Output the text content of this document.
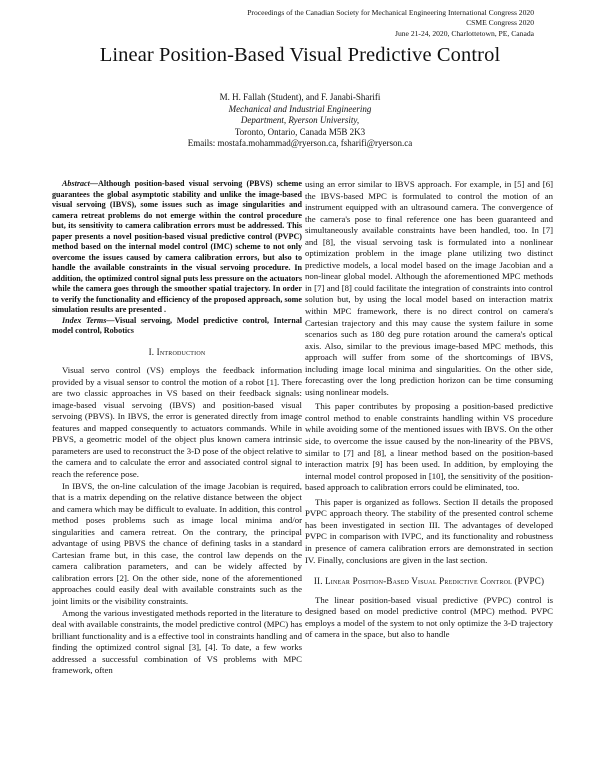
Proceedings of the Canadian Society for Mechanical Engineering International Congress 2020
CSME Congress 2020
June 21-24, 2020, Charlottetown, PE, Canada
Linear Position-Based Visual Predictive Control
M. H. Fallah (Student), and F. Janabi-Sharifi
Mechanical and Industrial Engineering
Department, Ryerson University,
Toronto, Ontario, Canada M5B 2K3
Emails: mostafa.mohammad@ryerson.ca, fsharifi@ryerson.ca

Abstract—Although position-based visual servoing (PBVS) scheme guarantees the global asymptotic stability and unlike the image-based visual servoing (IBVS), some issues such as image singularities and camera retreat problems do not emerge within the control procedure but, its sensitivity to camera calibration errors must be addressed. This paper presents a novel position-based visual predictive control (PVPC) method based on the internal model control (IMC) scheme to not only overcome the issues caused by camera calibration errors, but also to handle the available constraints in the visual servoing procedure. In addition, the optimized control signal puts less pressure on the actuators while the camera goes through the smoother spatial trajectory. In order to verify the functionality and efficiency of the proposed approach, some simulation results are presented .

Index Terms—Visual servoing, Model predictive control, Internal model control, Robotics

I. Introduction

Visual servo control (VS) employs the feedback information provided by a visual sensor to control the motion of a robot [1]. There are two classic approaches in VS based on their feedback signals: image-based visual servoing (IBVS) and position-based visual servoing (PBVS). In IBVS, the error is generated directly from image features and mapped consequently to actuators commands. While in PBVS, a geometric model of the object plus known camera intrinsic parameters are used to reconstruct the 3-D pose of the object relative to the camera and to calculate the error and associated control signal to reach the reference pose.

In IBVS, the on-line calculation of the image Jacobian is required, that is a matrix depending on the relative distance between the object and camera which may be difficult to evaluate. In addition, this control method poses problems such as image local minima and/or singularities and camera retreat. On the contrary, the principal advantage of using PBVS the chance of defining tasks in a standard Cartesian frame but, in this case, the control law depends on the camera calibration parameters, and can be widely affected by calibration errors [2]. On the other side, none of the aforementioned approaches could easily deal with available constraints such as the joint limits or the visibility constraints.

Among the various investigated methods reported in the literature to deal with available constraints, the model predictive control (MPC) has brilliant functionality and is a effective tool in constraints handling and finding the optimized control signal [3], [4]. To date, a few works addressed a successful combination of VS problems with MPC framework, often

using an error similar to IBVS approach. For example, in [5] and [6] the IBVS-based MPC is formulated to control the motion of an instrument equipped with an ultrasound camera. The convergence of the camera's pose to final reference one has been guaranteed and simultaneously available constraints have been handled, too. In [7] and [8], the visual servoing task is formulated into a nonlinear optimization problem in the image plane utilizing two distinct predictive models, a local model based on the image Jacobian and a non-linear global model. Although the aforementioned MPC methods in [7] and [8] could facilitate the integration of constraints into control solution but, by using the local model based on interaction matrix within MPC framework, there is no direct control on camera's Cartesian trajectory and this may cause the system failure in some scenarios such as 180 deg pure rotation around the camera's optical axis. Also, similar to the previous image-based MPC methods, this approach will suffer from some of the shortcomings of IBVS, including image local minima and singularities. On the other side, forecasting over the long prediction horizon can be time consuming using nonlinear models.

This paper contributes by proposing a position-based predictive control method to enable constraints handling within VS procedure while avoiding some of the mentioned issues with IBVS. On the other side, to overcome the issue caused by the non-linearity of the PBVS, similar to [7] and [8], a linear method based on the position-based interaction matrix [9] has been used. In addition, by employing the internal model control proposed in [10], the sensitivity of the position-based approach to calibration errors could be eliminated, too.

This paper is organized as follows. Section II details the proposed PVPC approach theory. The stability of the presented control scheme has been investigated in section III. The advantages of developed PVPC in comparison with IVPC, and its functionality and robustness in presence of camera calibration errors are demonstrated in section IV. Finally, conclusions are given in the last section.

II. Linear Position-Based Visual Predictive Control (PVPC)

The linear position-based visual predictive (PVPC) control is designed based on model predictive control (MPC) method. PVPC employs a model of the system to not only optimize the 3-D trajectory of camera in the space, but also to handle
